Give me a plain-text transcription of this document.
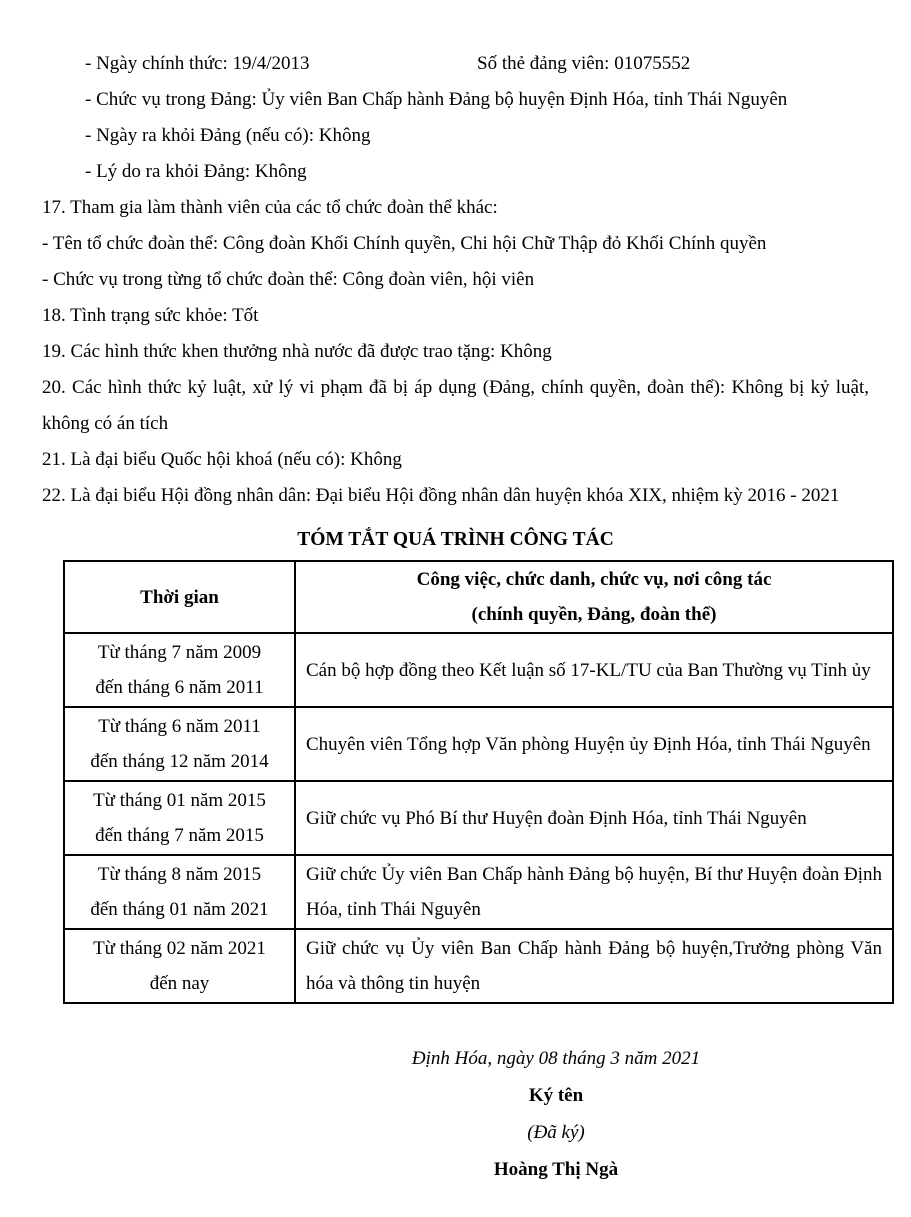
- Ngày chính thức: 19/4/2013	Số thẻ đảng viên: 01075552

- Chức vụ trong Đảng: Ủy viên Ban Chấp hành Đảng bộ huyện Định Hóa, tỉnh Thái Nguyên

- Ngày ra khỏi Đảng (nếu có): Không

- Lý do ra khỏi Đảng: Không

17. Tham gia làm thành viên của các tổ chức đoàn thể khác:

- Tên tổ chức đoàn thể: Công đoàn Khối Chính quyền, Chi hội Chữ Thập đỏ Khối Chính quyền

- Chức vụ trong từng tổ chức đoàn thể: Công đoàn viên, hội viên

18. Tình trạng sức khỏe: Tốt

19. Các hình thức khen thưởng nhà nước đã được trao tặng: Không

20. Các hình thức kỷ luật, xử lý vi phạm đã bị áp dụng (Đảng, chính quyền, đoàn thể): Không bị kỷ luật, không có án tích

21. Là đại biểu Quốc hội khoá (nếu có): Không

22. Là đại biểu Hội đồng nhân dân: Đại biểu Hội đồng nhân dân huyện khóa XIX, nhiệm kỳ 2016 - 2021

TÓM TẮT QUÁ TRÌNH CÔNG TÁC
Thời gian	Công việc, chức danh, chức vụ, nơi công tác
(chính quyền, Đảng, đoàn thể)

Từ tháng 7 năm 2009
đến tháng 6 năm 2011	Cán bộ hợp đồng theo Kết luận số 17-KL/TU của Ban Thường vụ Tỉnh ủy

Từ tháng 6 năm 2011
đến tháng 12 năm 2014	Chuyên viên Tổng hợp Văn phòng Huyện ủy Định Hóa, tỉnh Thái Nguyên

Từ tháng 01 năm 2015
đến tháng 7 năm 2015	Giữ chức vụ Phó Bí thư Huyện đoàn Định Hóa, tỉnh Thái Nguyên

Từ tháng 8 năm 2015
đến tháng 01 năm 2021	Giữ chức Ủy viên Ban Chấp hành Đảng bộ huyện, Bí thư Huyện đoàn Định Hóa, tỉnh Thái Nguyên

Từ tháng 02 năm 2021
đến nay	Giữ chức vụ Ủy viên Ban Chấp hành Đảng bộ huyện,Trưởng phòng Văn hóa và thông tin huyện

Định Hóa, ngày 08 tháng 3 năm 2021

Ký tên

(Đã ký)

Hoàng Thị Ngà
